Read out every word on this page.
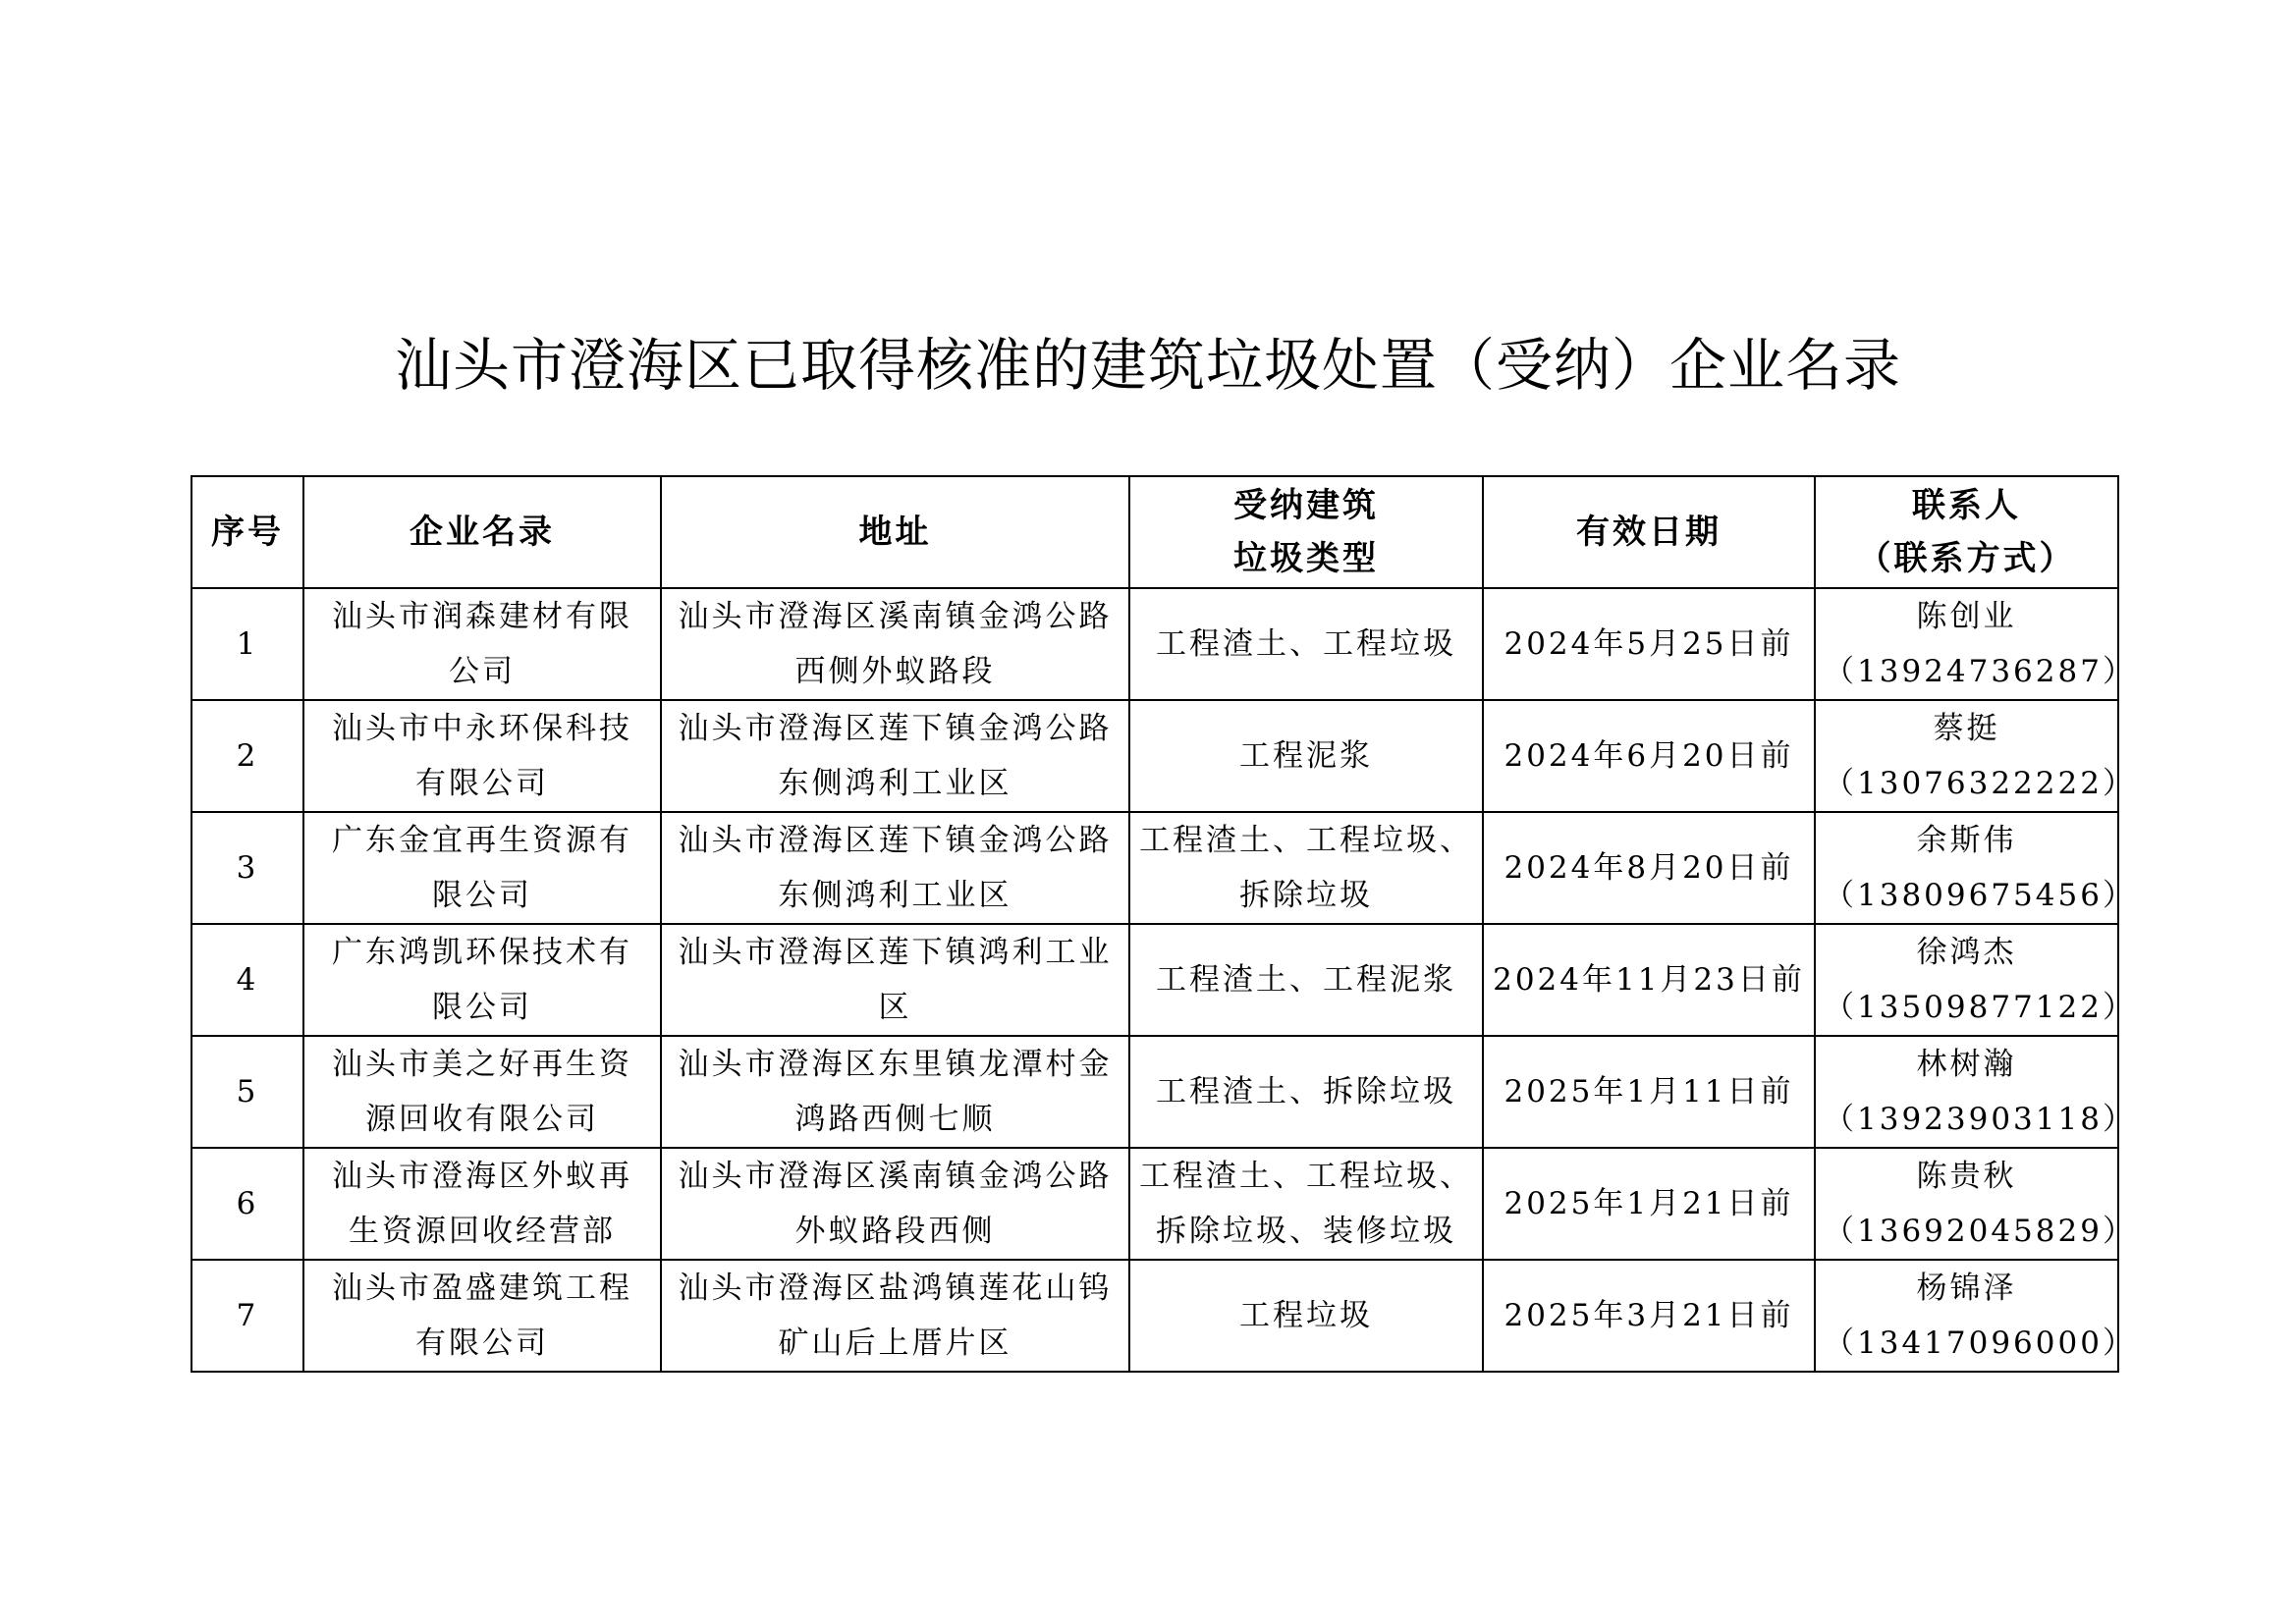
汕头市澄海区已取得核准的建筑垃圾处置（受纳）企业名录
序号	企业名录	地址	受纳建筑
垃圾类型	有效日期	联系人
（联系方式）

1	汕头市润森建材有限
公司	汕头市澄海区溪南镇金鸿公路
西侧外蚁路段	工程渣土、工程垃圾	2024年5月25日前	陈创业
（13924736287）

2	汕头市中永环保科技
有限公司	汕头市澄海区莲下镇金鸿公路
东侧鸿利工业区	工程泥浆	2024年6月20日前	蔡挺
（13076322222）

3	广东金宜再生资源有
限公司	汕头市澄海区莲下镇金鸿公路
东侧鸿利工业区	工程渣土、工程垃圾、
拆除垃圾	2024年8月20日前	余斯伟
（13809675456）

4	广东鸿凯环保技术有
限公司	汕头市澄海区莲下镇鸿利工业
区	工程渣土、工程泥浆	2024年11月23日前	徐鸿杰
（13509877122）

5	汕头市美之好再生资
源回收有限公司	汕头市澄海区东里镇龙潭村金
鸿路西侧七顺	工程渣土、拆除垃圾	2025年1月11日前	林树瀚
（13923903118）

6	汕头市澄海区外蚁再
生资源回收经营部	汕头市澄海区溪南镇金鸿公路
外蚁路段西侧	工程渣土、工程垃圾、
拆除垃圾、装修垃圾	2025年1月21日前	陈贵秋
（13692045829）

7	汕头市盈盛建筑工程
有限公司	汕头市澄海区盐鸿镇莲花山钨
矿山后上厝片区	工程垃圾	2025年3月21日前	杨锦泽
（13417096000）
